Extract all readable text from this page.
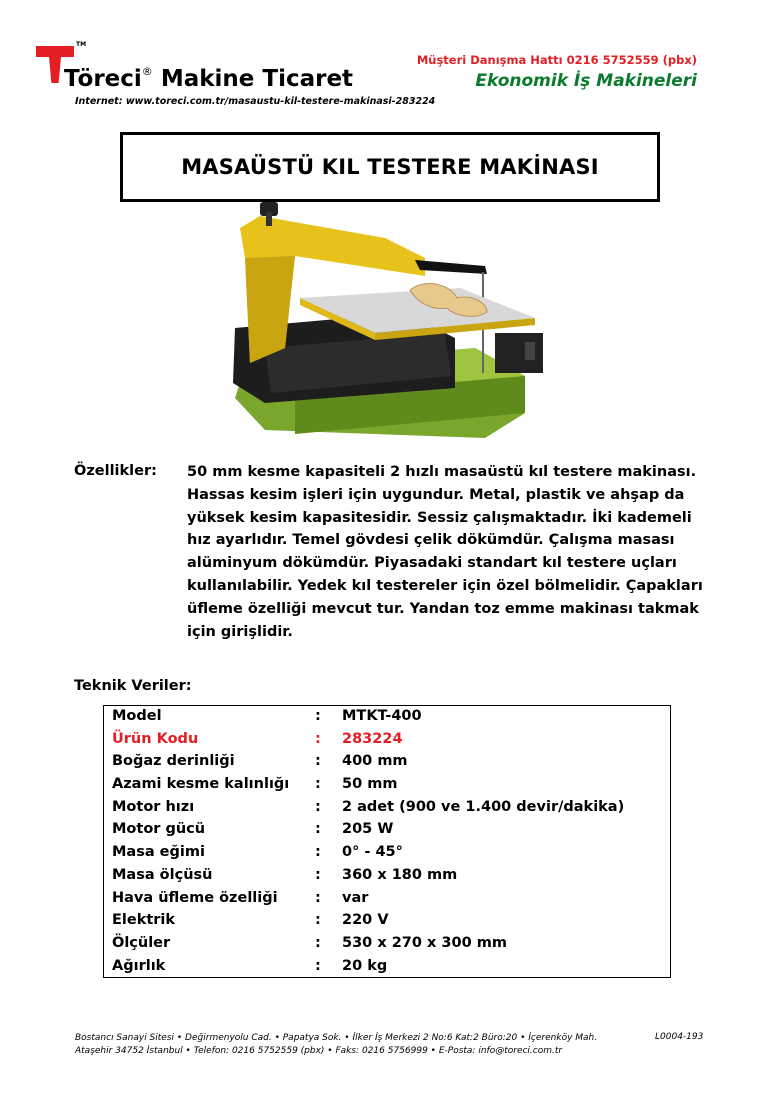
TM
Töreci® Makine Ticaret
Internet: www.toreci.com.tr/masaustu-kil-testere-makinasi-283224
Müşteri Danışma Hattı 0216 5752559 (pbx)
Ekonomik İş Makineleri
MASAÜSTÜ KIL TESTERE MAKİNASI
Özellikler: 50 mm kesme kapasiteli 2 hızlı masaüstü kıl testere makinası. Hassas kesim işleri için uygundur. Metal, plastik ve ahşap da yüksek kesim kapasitesidir. Sessiz çalışmaktadır. İki kademeli hız ayarlıdır. Temel gövdesi çelik dökümdür. Çalışma masası alüminyum dökümdür. Piyasadaki standart kıl testere uçları kullanılabilir. Yedek kıl testereler için özel bölmelidir. Çapakları üfleme özelliği mevcut tur. Yandan toz emme makinası takmak için girişlidir.
Teknik Veriler:
Model	: MTKT-400
Ürün Kodu	: 283224
Boğaz derinliği	: 400 mm
Azami kesme kalınlığı : 50 mm
Motor hızı	: 2 adet (900 ve 1.400 devir/dakika)
Motor gücü	: 205 W
Masa eğimi	: 0° - 45°
Masa ölçüsü	: 360 x 180 mm
Hava üfleme özelliği	: var
Elektrik	: 220 V
Ölçüler	: 530 x 270 x 300 mm
Ağırlık	: 20 kg
Bostancı Sanayi Sitesi • Değirmenyolu Cad. • Papatya Sok. • İlker İş Merkezi 2 No:6 Kat:2 Büro:20 • İçerenköy Mah.
Ataşehir 34752 İstanbul • Telefon: 0216 5752559 (pbx) • Faks: 0216 5756999 • E-Posta: info@toreci.com.tr
L0004-193
